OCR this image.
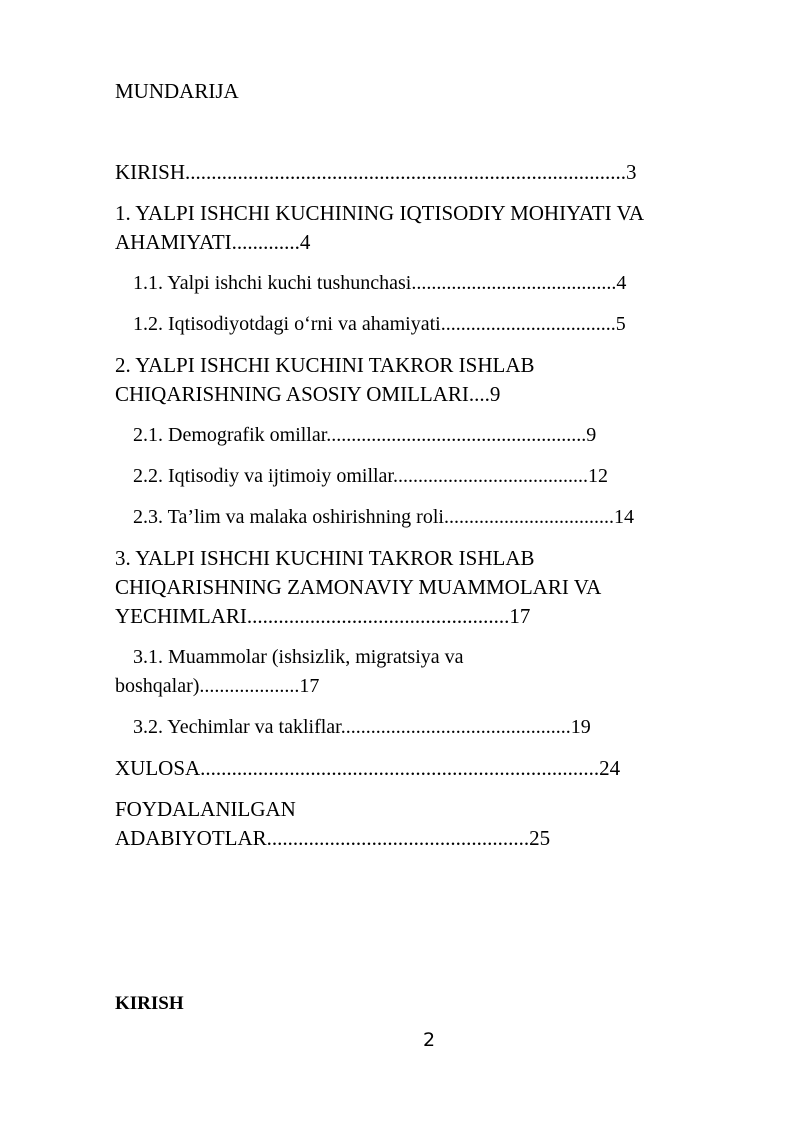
MUNDARIJA
KIRISH....................................................................................3
1. YALPI ISHCHI KUCHINING IQTISODIY MOHIYATI VA
AHAMIYATI.............4
1.1. Yalpi ishchi kuchi tushunchasi.........................................4
1.2. Iqtisodiyotdagi o‘rni va ahamiyati...................................5
2. YALPI ISHCHI KUCHINI TAKROR ISHLAB
CHIQARISHNING ASOSIY OMILLARI....9
2.1. Demografik omillar....................................................9
2.2. Iqtisodiy va ijtimoiy omillar.......................................12
2.3. Ta’lim va malaka oshirishning roli..................................14
3. YALPI ISHCHI KUCHINI TAKROR ISHLAB
CHIQARISHNING ZAMONAVIY MUAMMOLARI VA
YECHIMLARI..................................................17
3.1. Muammolar (ishsizlik, migratsiya va
boshqalar)....................17
3.2. Yechimlar va takliflar..............................................19
XULOSA............................................................................24
FOYDALANILGAN
ADABIYOTLAR..................................................25
KIRISH
2
